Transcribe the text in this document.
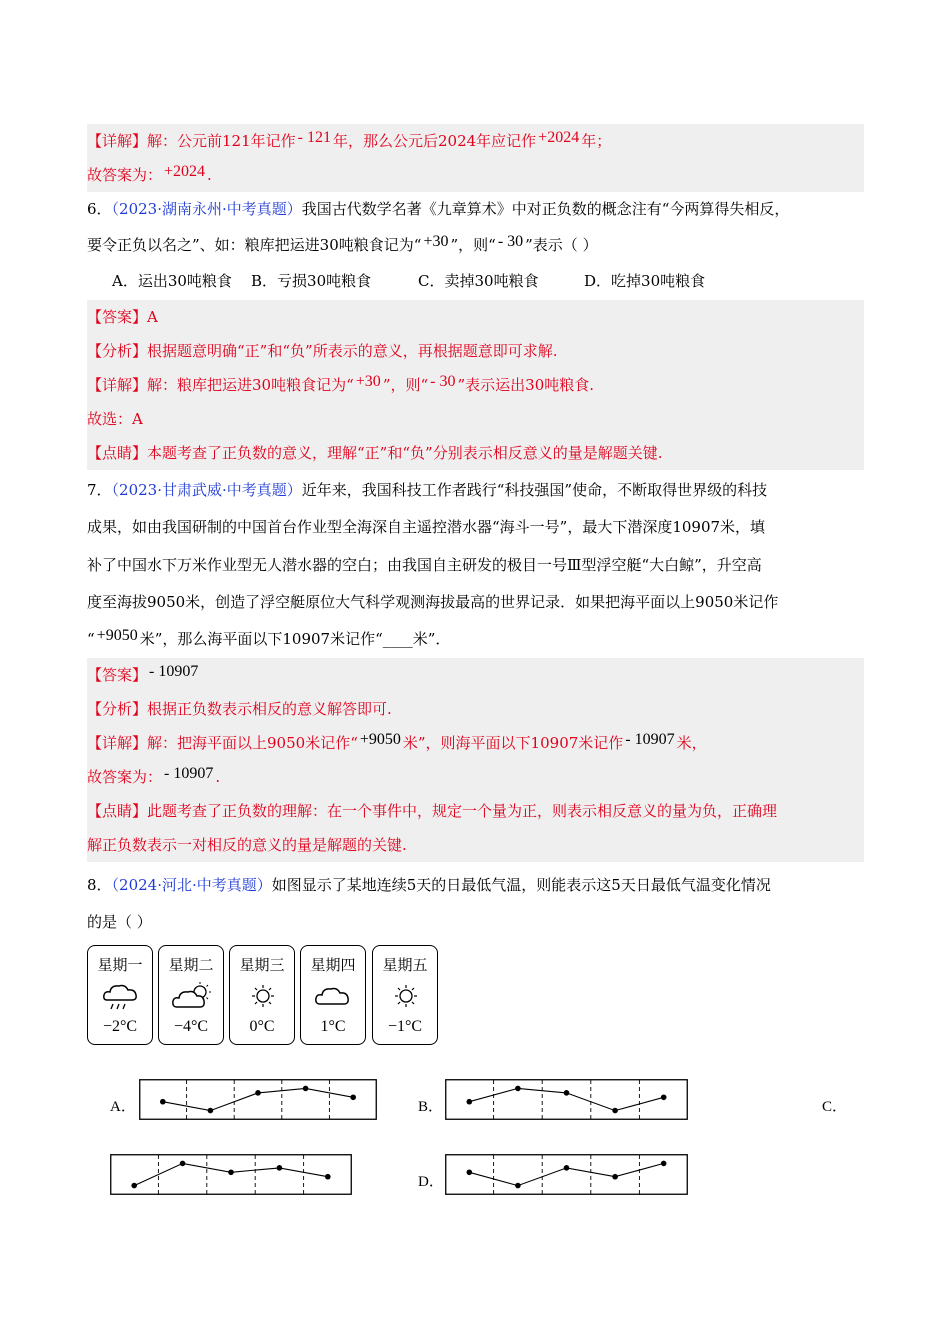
【详解】解：公元前121年记作 - 121 年，那么公元后2024年应记作 +2024 年；
故答案为： +2024 .
6．（2023·湖南永州·中考真题）我国古代数学名著《九章算术》中对正负数的概念注有“今两算得失相反，
要令正负以名之”、如：粮库把运进30吨粮食记为“ +30 ”，则“ - 30 ”表示（ ）
A．运出30吨粮食 B．亏损30吨粮食	C．卖掉30吨粮食	D．吃掉30吨粮食
【答案】A
【分析】根据题意明确“正”和“负”所表示的意义，再根据题意即可求解.
【详解】解：粮库把运进30吨粮食记为“ +30 ”，则“ - 30 ”表示运出30吨粮食.
故选：A
【点睛】本题考查了正负数的意义，理解“正”和“负”分别表示相反意义的量是解题关键.
7．（2023·甘肃武威·中考真题）近年来，我国科技工作者践行“科技强国”使命，不断取得世界级的科技
成果，如由我国研制的中国首台作业型全海深自主遥控潜水器“海斗一号”，最大下潜深度10907米，填
补了中国水下万米作业型无人潜水器的空白；由我国自主研发的极目一号Ⅲ型浮空艇“大白鲸”，升空高
度至海拔9050米，创造了浮空艇原位大气科学观测海拔最高的世界记录．如果把海平面以上9050米记作
“ +9050 米”，那么海平面以下10907米记作“____米”．
【答案】 - 10907
【分析】根据正负数表示相反的意义解答即可.
【详解】解：把海平面以上9050米记作“ +9050 米”，则海平面以下10907米记作 - 10907 米，
故答案为： - 10907 .
【点睛】此题考查了正负数的理解：在一个事件中，规定一个量为正，则表示相反意义的量为负，正确理
解正负数表示一对相反的意义的量是解题的关键.
8．（2024·河北·中考真题）如图显示了某地连续5天的日最低气温，则能表示这5天日最低气温变化情况
的是（ ）
星期一
−2°C
星期二
−4°C
星期三
0°C
星期四
1°C
星期五
−1°C
A．	B．	C．
D．
